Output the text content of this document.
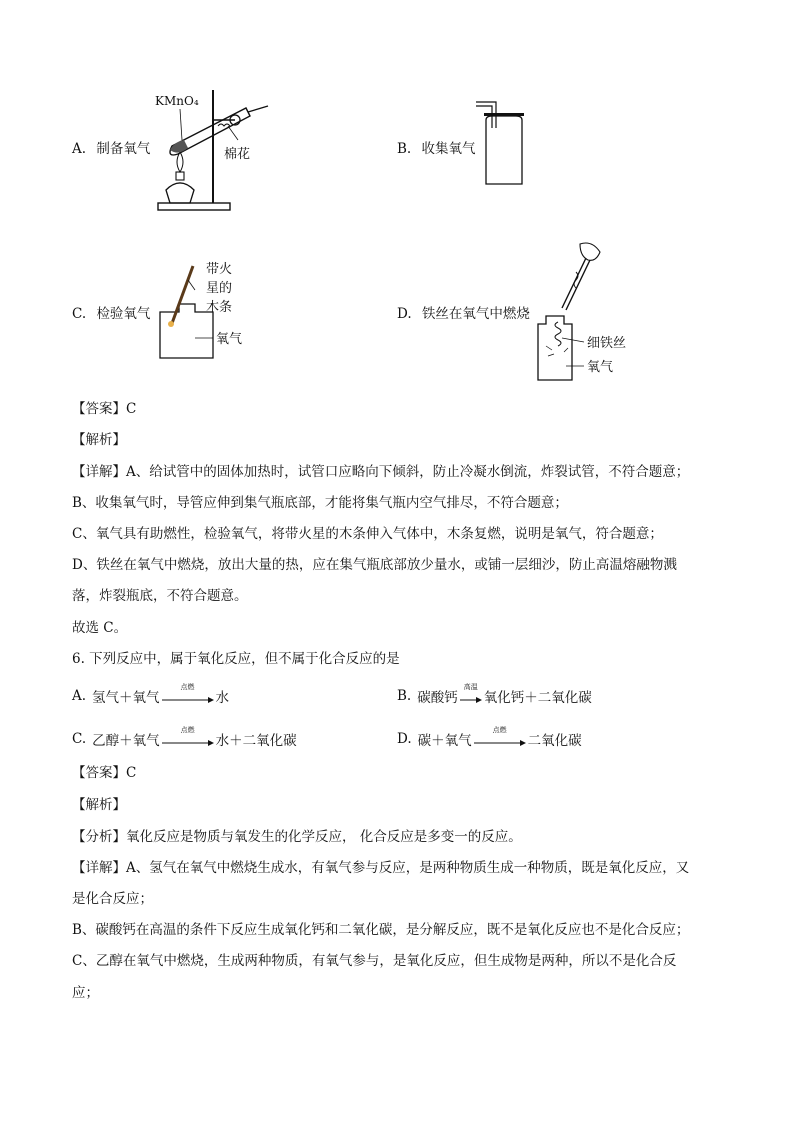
A. 制备氧气
KMnO₄
棉花	B. 收集氧气
C. 检验氧气
带火
星的
木条
氧气
D. 铁丝在氧气中燃烧
细铁丝
氧气
【答案】C
【解析】
【详解】A、给试管中的固体加热时，试管口应略向下倾斜，防止冷凝水倒流，炸裂试管，不符合题意；
B、收集氧气时，导管应伸到集气瓶底部，才能将集气瓶内空气排尽，不符合题意；
C、氧气具有助燃性，检验氧气，将带火星的木条伸入气体中，木条复燃，说明是氧气，符合题意；
D、铁丝在氧气中燃烧，放出大量的热，应在集气瓶底部放少量水，或铺一层细沙，防止高温熔融物溅
落，炸裂瓶底，不符合题意。
故选 C。
6. 下列反应中，属于氧化反应，但不属于化合反应的是
A. 氢气＋氧气
点燃
水	B. 碳酸钙
高温
氧化钙＋二氧化碳
C. 乙醇＋氧气
点燃
水＋二氧化碳	D. 碳＋氧气
点燃
二氧化碳
【答案】C
【解析】
【分析】氧化反应是物质与氧发生的化学反应， 化合反应是多变一的反应。
【详解】A、氢气在氧气中燃烧生成水，有氧气参与反应，是两种物质生成一种物质，既是氧化反应，又
是化合反应；
B、碳酸钙在高温的条件下反应生成氧化钙和二氧化碳，是分解反应，既不是氧化反应也不是化合反应；
C、乙醇在氧气中燃烧，生成两种物质，有氧气参与，是氧化反应，但生成物是两种，所以不是化合反
应；
